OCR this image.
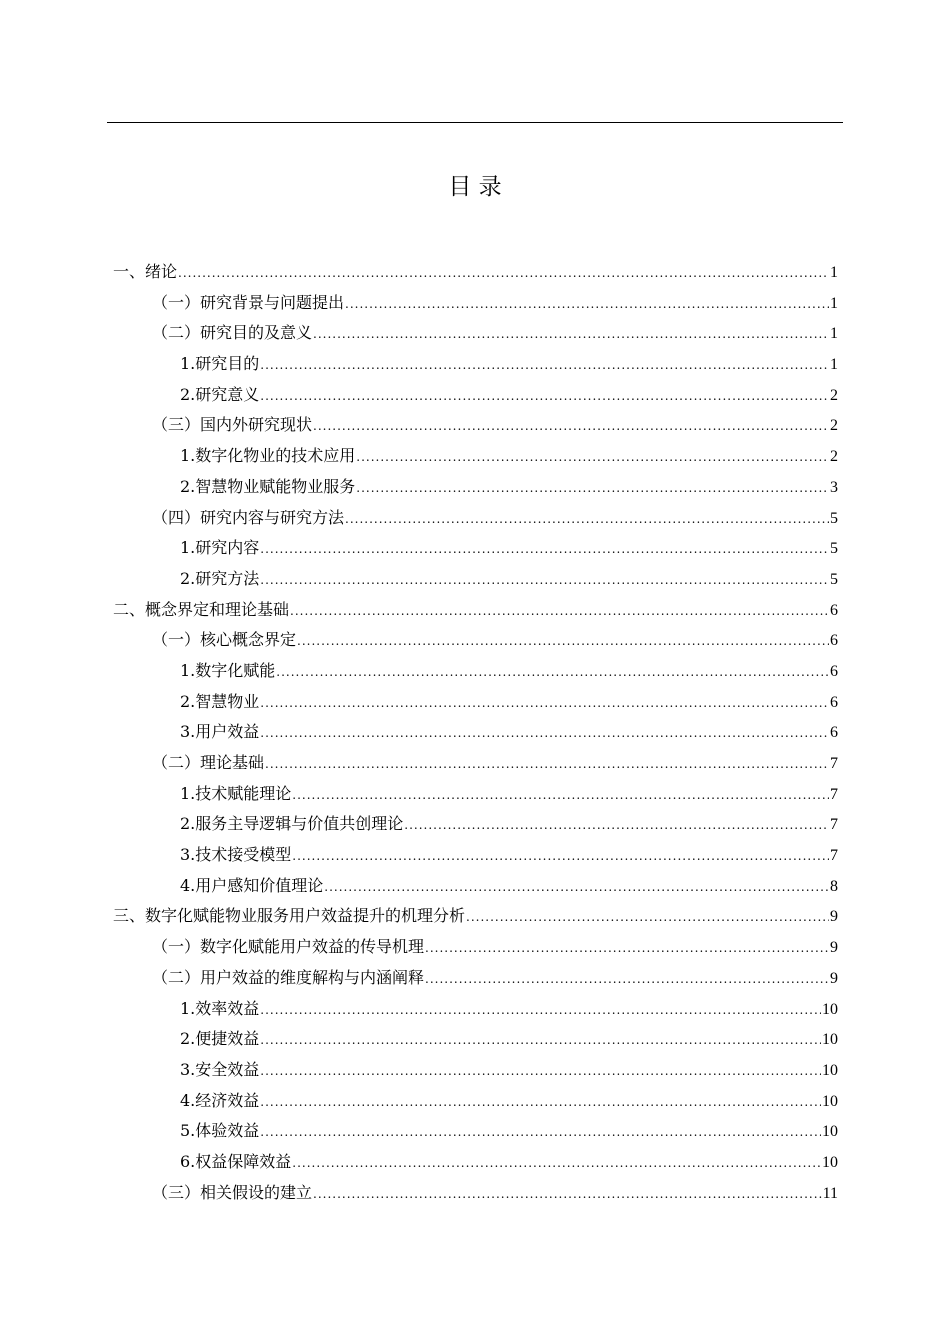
目 录
一、绪论 .....	1
（一）研究背景与问题提出 .....	1
（二）研究目的及意义 .....	1
1.研究目的 .....	1
2.研究意义 .....	2
（三）国内外研究现状 .....	2
1.数字化物业的技术应用 .....	2
2.智慧物业赋能物业服务 .....	3
（四）研究内容与研究方法 .....	5
1.研究内容 .....	5
2.研究方法 .....	5
二、概念界定和理论基础 .....	6
（一）核心概念界定 .....	6
1.数字化赋能 .....	6
2.智慧物业 .....	6
3.用户效益 .....	6
（二）理论基础 .....	7
1.技术赋能理论 .....	7
2.服务主导逻辑与价值共创理论 .....	7
3.技术接受模型 .....	7
4.用户感知价值理论 .....	8
三、数字化赋能物业服务用户效益提升的机理分析 .....	9
（一）数字化赋能用户效益的传导机理 .....	9
（二）用户效益的维度解构与内涵阐释 .....	9
1.效率效益 .....	10
2.便捷效益 .....	10
3.安全效益 .....	10
4.经济效益 .....	10
5.体验效益 .....	10
6.权益保障效益 .....	10
（三）相关假设的建立 .....	11
